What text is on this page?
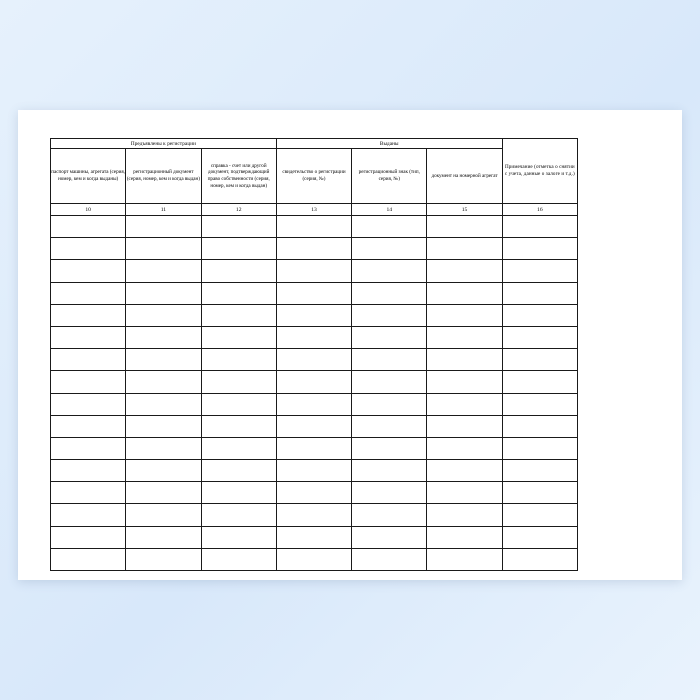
Предъявлены к регистрации			Выданы			Примечание (отметка о снятии с учета, данные о залоге и т.д.)
паспорт машины, агрегата (серия, номер, кем и когда выданы)	регистрационный документ (серия, номер, кем и когда выдан)	справка - счет или другой документ, подтверждающий право собственности (серия, номер, кем и когда выдан)	свидетельство о регистрации (серия, №)	регистрационный знак (тип, серия, №)	документ на номерной агрегат	
10	11	12	13	14	15	16
